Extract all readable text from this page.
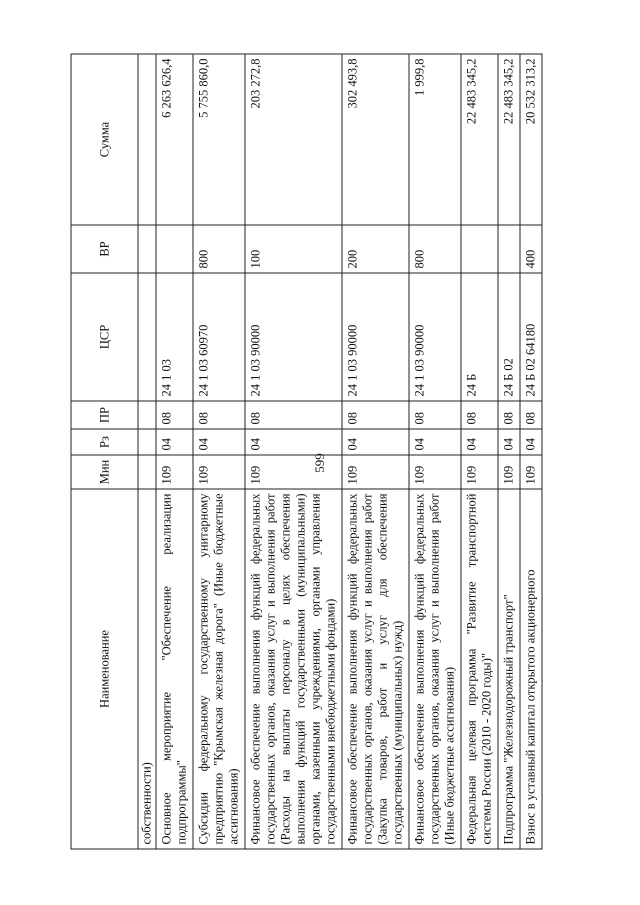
599
Наименование	Мин	Рз	ПР	ЦСР	ВР	Сумма
собственности)						
Основное мероприятие "Обеспечение реализации подпрограммы"	109	04	08	24 1 03		6 263 626,4
Субсидии федеральному государственному унитарному предприятию "Крымская железная дорога" (Иные бюджетные ассигнования)	109	04	08	24 1 03 60970	800	5 755 860,0
Финансовое обеспечение выполнения функций федеральных государственных органов, оказания услуг и выполнения работ (Расходы на выплаты персоналу в целях обеспечения выполнения функций государственными (муниципальными) органами, казенными учреждениями, органами управления государственными внебюджетными фондами)	109	04	08	24 1 03 90000	100	203 272,8
Финансовое обеспечение выполнения функций федеральных государственных органов, оказания услуг и выполнения работ (Закупка товаров, работ и услуг для обеспечения государственных (муниципальных) нужд)	109	04	08	24 1 03 90000	200	302 493,8
Финансовое обеспечение выполнения функций федеральных государственных органов, оказания услуг и выполнения работ (Иные бюджетные ассигнования)	109	04	08	24 1 03 90000	800	1 999,8
Федеральная целевая программа "Развитие транспортной системы России (2010 - 2020 годы)"	109	04	08	24 Б		22 483 345,2
Подпрограмма "Железнодорожный транспорт"	109	04	08	24 Б 02		22 483 345,2
Взнос в уставный капитал открытого акционерного	109	04	08	24 Б 02 64180	400	20 532 313,2
